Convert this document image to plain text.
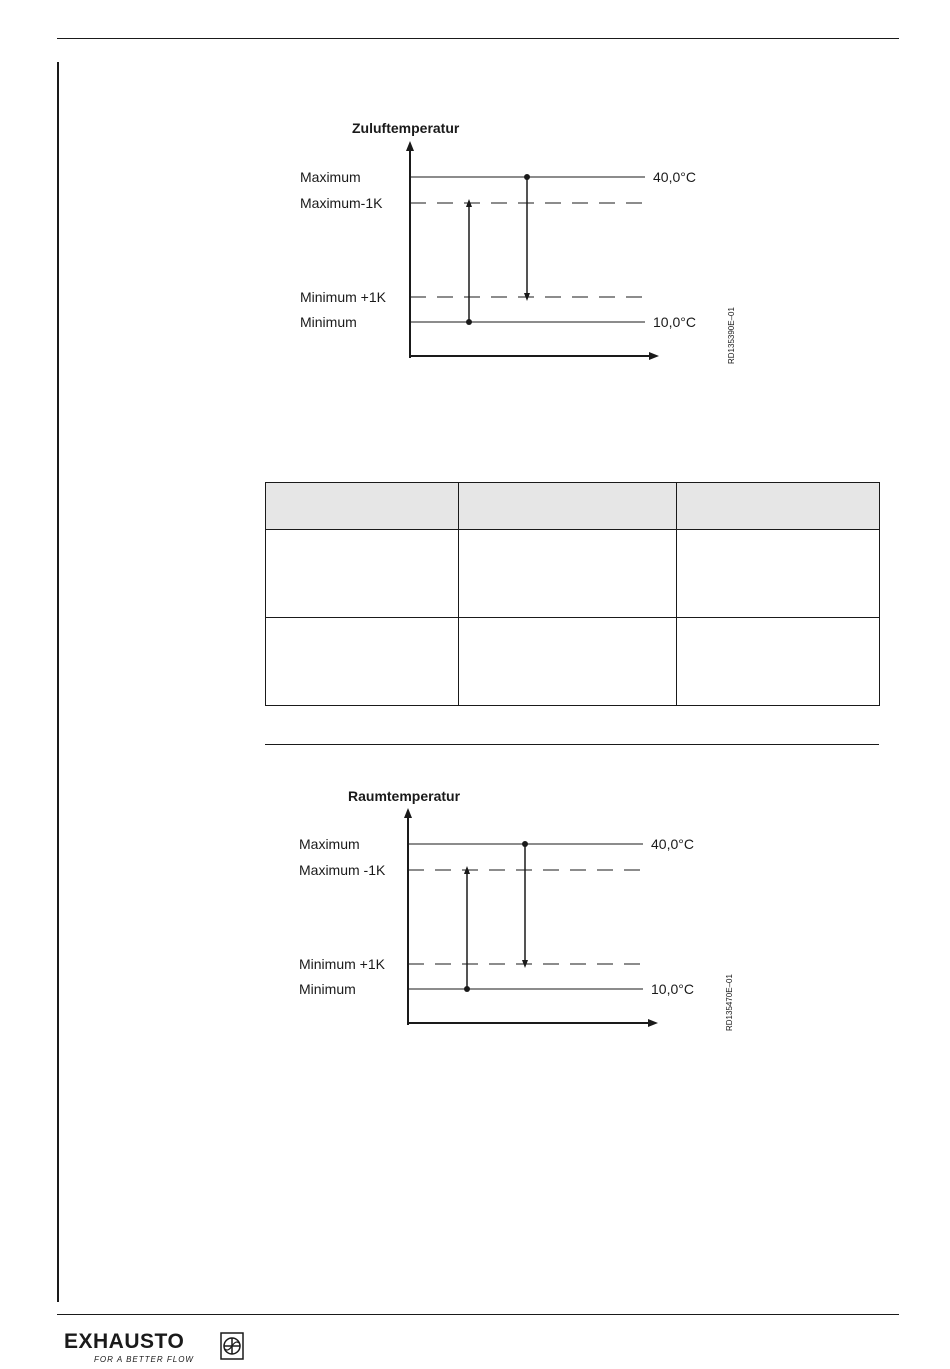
Zuluftemperatur
Maximum
Maximum-1K
Minimum +1K
Minimum
40,0°C
10,0°C	RD135390E–01

Raumtemperatur
Maximum
Maximum -1K
Minimum +1K
Minimum
40,0°C
10,0°C	RD135470E–01
EXHAUSTO
FOR A BETTER FLOW
